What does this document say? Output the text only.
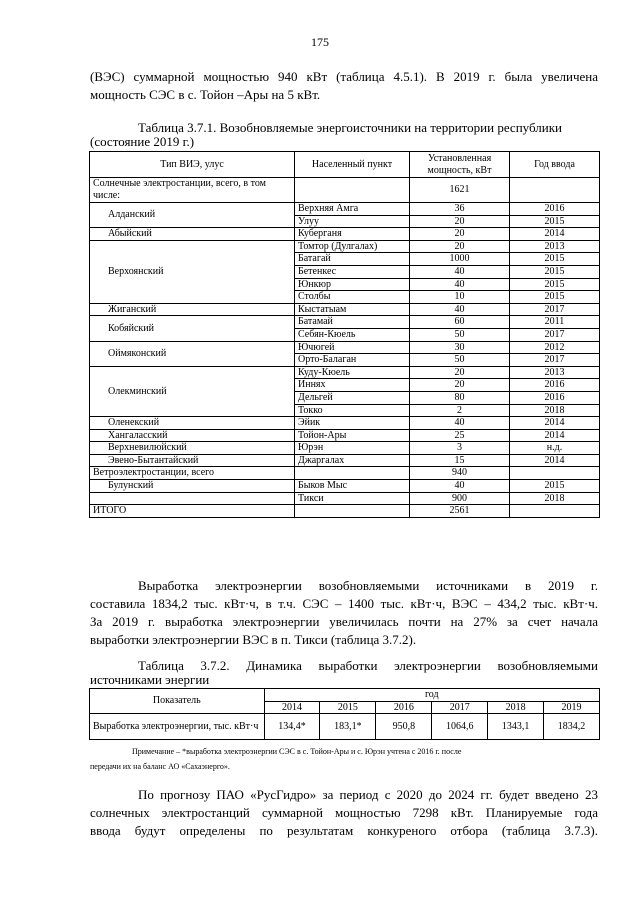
175
(ВЭС) суммарной мощностью 940 кВт (таблица 4.5.1). В 2019 г. была увеличена
мощность СЭС в с. Тойон –Ары на 5 кВт.
Таблица 3.7.1. Возобновляемые энергоисточники на территории республики
(состояние 2019 г.)
Тип ВИЭ, улус	Населенный пункт	Установленная мощность, кВт	Год ввода
Солнечные электростанции, всего, в том числе:		1621	
Алданский	Верхняя Амга	36	2016
	Улуу	20	2015
Абыйский	Куберганя	20	2014
Верхоянский	Томтор (Дулгалах)	20	2013
	Батагай	1000	2015
	Бетенкес	40	2015
	Юнкюр	40	2015
	Столбы	10	2015
Жиганский	Кыстатыам	40	2017
Кобяйский	Батамай	60	2011
	Себян-Кюель	50	2017
Оймяконский	Ючюгей	30	2012
	Орто-Балаган	50	2017
Олекминский	Куду-Кюель	20	2013
	Иннях	20	2016
	Дельгей	80	2016
	Токко	2	2018
Оленекский	Эйик	40	2014
Хангаласский	Тойон-Ары	25	2014
Верхневилюйский	Юрэн	3	н.д.
Эвено-Бытантайский	Джаргалах	15	2014
Ветроэлектростанции, всего		940	
Булунский	Быков Мыс	40	2015
	Тикси	900	2018
ИТОГО		2561	
Выработка электроэнергии возобновляемыми источниками в 2019 г.
составила 1834,2 тыс. кВт·ч, в т.ч. СЭС – 1400 тыс. кВт·ч, ВЭС – 434,2 тыс. кВт·ч.
За 2019 г. выработка электроэнергии увеличилась почти на 27% за счет начала
выработки электроэнергии ВЭС в п. Тикси (таблица 3.7.2).
Таблица 3.7.2. Динамика выработки электроэнергии возобновляемыми
источниками энергии
Показатель	год					
	2014	2015	2016	2017	2018	2019
Выработка электроэнергии, тыс. кВт·ч	134,4*	183,1*	950,8	1064,6	1343,1	1834,2
Примечание – *выработка электроэнергии СЭС в с. Тойон-Ары и с. Юрэн учтена с 2016 г. после
передачи их на баланс АО «Сахаэнерго».
По прогнозу ПАО «РусГидро» за период с 2020 до 2024 гг. будет введено 23
солнечных электростанций суммарной мощностью 7298 кВт. Планируемые года
ввода будут определены по результатам конкуреного отбора (таблица 3.7.3).
